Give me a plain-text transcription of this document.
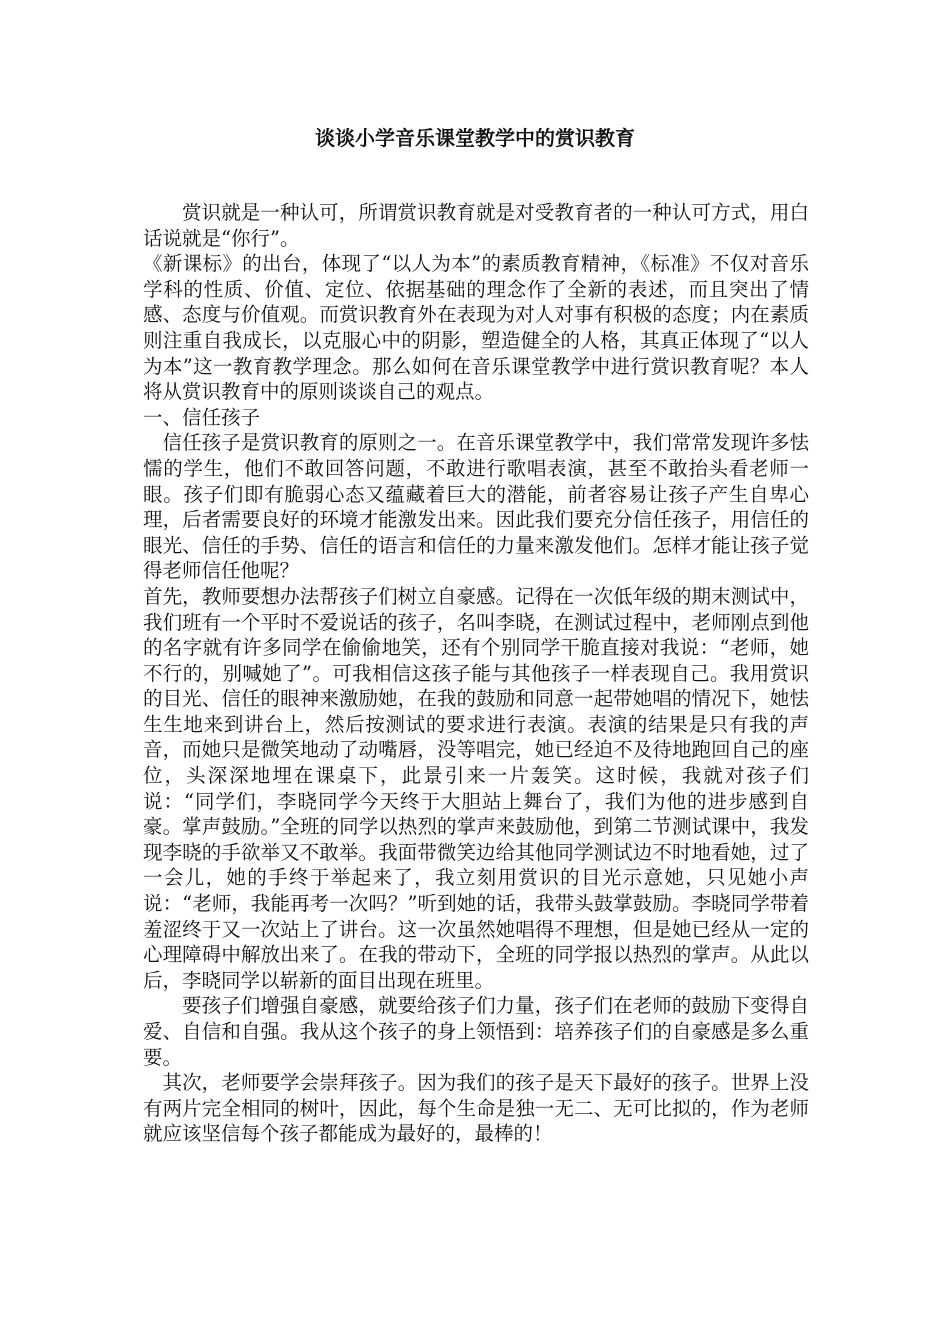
谈谈小学音乐课堂教学中的赏识教育

赏识就是一种认可，所谓赏识教育就是对受教育者的一种认可方式，用白话说就是“你行”。

《新课标》的出台，体现了“以人为本”的素质教育精神，《标准》不仅对音乐学科的性质、价值、定位、依据基础的理念作了全新的表述，而且突出了情感、态度与价值观。而赏识教育外在表现为对人对事有积极的态度；内在素质则注重自我成长，以克服心中的阴影，塑造健全的人格，其真正体现了“以人为本”这一教育教学理念。那么如何在音乐课堂教学中进行赏识教育呢？本人将从赏识教育中的原则谈谈自己的观点。

一、信任孩子

信任孩子是赏识教育的原则之一。在音乐课堂教学中，我们常常发现许多怯懦的学生，他们不敢回答问题，不敢进行歌唱表演，甚至不敢抬头看老师一眼。孩子们即有脆弱心态又蕴藏着巨大的潜能，前者容易让孩子产生自卑心理，后者需要良好的环境才能激发出来。因此我们要充分信任孩子，用信任的眼光、信任的手势、信任的语言和信任的力量来激发他们。怎样才能让孩子觉得老师信任他呢？

首先，教师要想办法帮孩子们树立自豪感。记得在一次低年级的期末测试中，我们班有一个平时不爱说话的孩子，名叫李晓，在测试过程中，老师刚点到他的名字就有许多同学在偷偷地笑，还有个别同学干脆直接对我说：“老师，她不行的，别喊她了”。可我相信这孩子能与其他孩子一样表现自己。我用赏识的目光、信任的眼神来激励她，在我的鼓励和同意一起带她唱的情况下，她怯生生地来到讲台上，然后按测试的要求进行表演。表演的结果是只有我的声音，而她只是微笑地动了动嘴唇，没等唱完，她已经迫不及待地跑回自己的座位，头深深地埋在课桌下，此景引来一片轰笑。这时候，我就对孩子们说：“同学们，李晓同学今天终于大胆站上舞台了，我们为他的进步感到自豪。掌声鼓励。”全班的同学以热烈的掌声来鼓励他，到第二节测试课中，我发现李晓的手欲举又不敢举。我面带微笑边给其他同学测试边不时地看她，过了一会儿，她的手终于举起来了，我立刻用赏识的目光示意她，只见她小声说：“老师，我能再考一次吗？”听到她的话，我带头鼓掌鼓励。李晓同学带着羞涩终于又一次站上了讲台。这一次虽然她唱得不理想，但是她已经从一定的心理障碍中解放出来了。在我的带动下，全班的同学报以热烈的掌声。从此以后，李晓同学以崭新的面目出现在班里。

要孩子们增强自豪感，就要给孩子们力量，孩子们在老师的鼓励下变得自爱、自信和自强。我从这个孩子的身上领悟到：培养孩子们的自豪感是多么重要。

其次，老师要学会崇拜孩子。因为我们的孩子是天下最好的孩子。世界上没有两片完全相同的树叶，因此，每个生命是独一无二、无可比拟的，作为老师就应该坚信每个孩子都能成为最好的，最棒的！
